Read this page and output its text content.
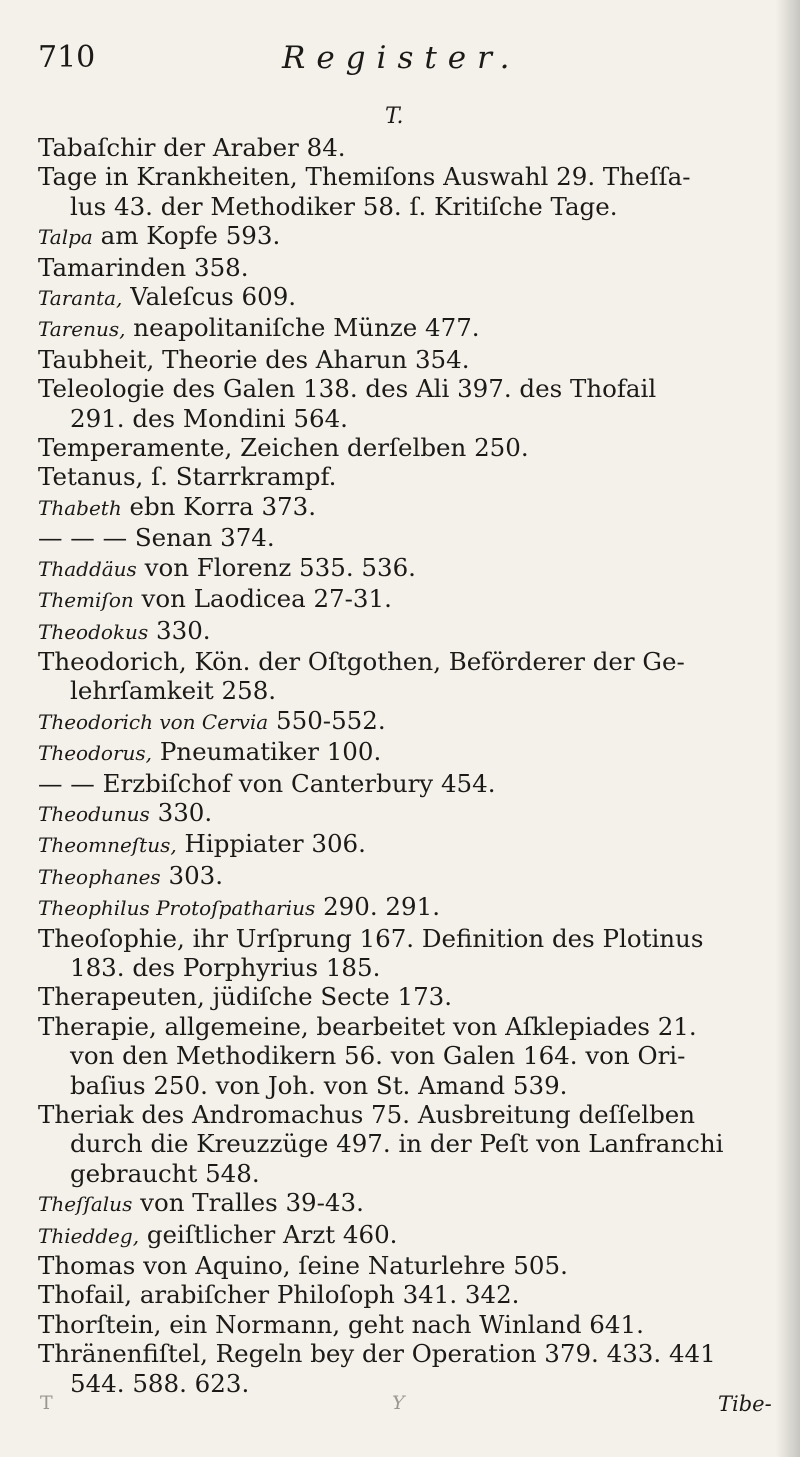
710	Register.
T.
Tabaſchir der Araber 84.
Tage in Krankheiten, Themiſons Auswahl 29. Theſſa-
lus 43. der Methodiker 58. ſ. Kritiſche Tage.
Talpa am Kopfe 593.
Tamarinden 358.
Taranta, Valeſcus 609.
Tarenus, neapolitaniſche Münze 477.
Taubheit, Theorie des Aharun 354.
Teleologie des Galen 138. des Ali 397. des Thofail
291. des Mondini 564.
Temperamente, Zeichen derſelben 250.
Tetanus, ſ. Starrkrampf.
Thabeth ebn Korra 373.
— — — Senan 374.
Thaddäus von Florenz 535. 536.
Themiſon von Laodicea 27-31.
Theodokus 330.
Theodorich, Kön. der Oſtgothen, Beförderer der Ge-
lehrſamkeit 258.
Theodorich von Cervia 550-552.
Theodorus, Pneumatiker 100.
— — Erzbiſchof von Canterbury 454.
Theodunus 330.
Theomneſtus, Hippiater 306.
Theophanes 303.
Theophilus Protoſpatharius 290. 291.
Theoſophie, ihr Urſprung 167. Definition des Plotinus
183. des Porphyrius 185.
Therapeuten, jüdiſche Secte 173.
Therapie, allgemeine, bearbeitet von Aſklepiades 21.
von den Methodikern 56. von Galen 164. von Ori-
baſius 250. von Joh. von St. Amand 539.
Theriak des Andromachus 75. Ausbreitung deſſelben
durch die Kreuzzüge 497. in der Peſt von Lanfranchi
gebraucht 548.
Theſſalus von Tralles 39-43.
Thieddeg, geiſtlicher Arzt 460.
Thomas von Aquino, ſeine Naturlehre 505.
Thofail, arabiſcher Philoſoph 341. 342.
Thorſtein, ein Normann, geht nach Winland 641.
Thränenfiſtel, Regeln bey der Operation 379. 433. 441
544. 588. 623.
T	Y	Tibe-
